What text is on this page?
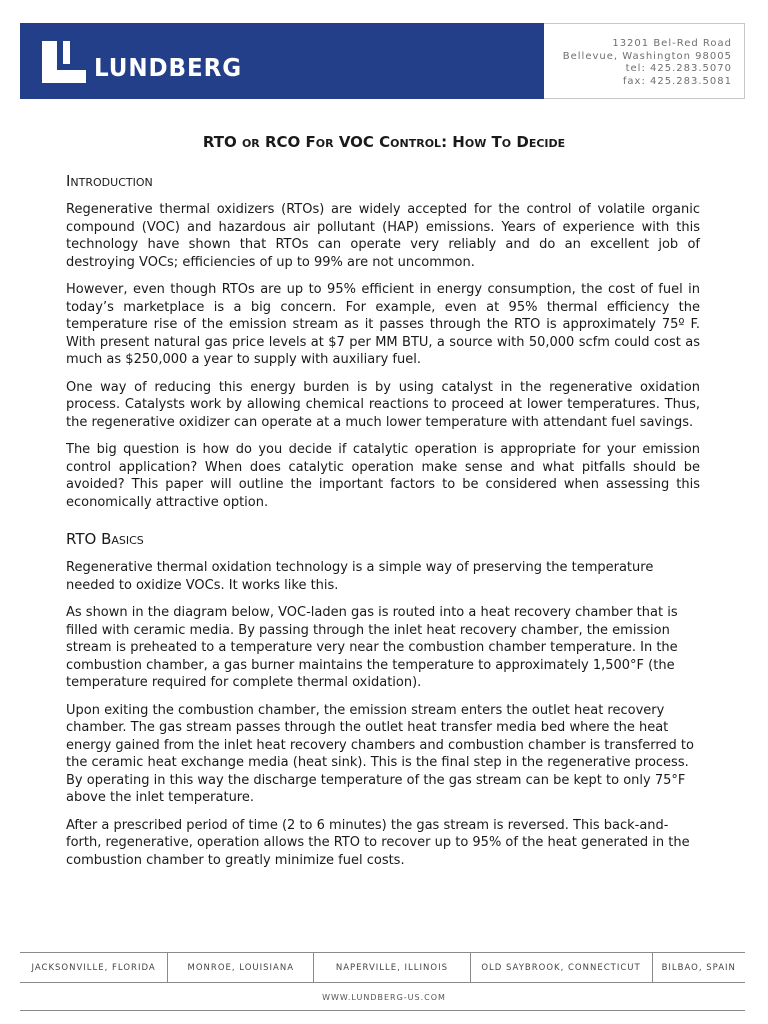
LUNDBERG
13201 Bel-Red Road
Bellevue, Washington 98005
tel: 425.283.5070
fax: 425.283.5081
RTO or RCO For VOC Control: How To Decide
Introduction

Regenerative thermal oxidizers (RTOs) are widely accepted for the control of volatile organic compound (VOC) and hazardous air pollutant (HAP) emissions. Years of experience with this technology have shown that RTOs can operate very reliably and do an excellent job of destroying VOCs; efficiencies of up to 99% are not uncommon.

However, even though RTOs are up to 95% efficient in energy consumption, the cost of fuel in today’s marketplace is a big concern. For example, even at 95% thermal efficiency the temperature rise of the emission stream as it passes through the RTO is approximately 75º F. With present natural gas price levels at $7 per MM BTU, a source with 50,000 scfm could cost as much as $250,000 a year to supply with auxiliary fuel.

One way of reducing this energy burden is by using catalyst in the regenerative oxidation process. Catalysts work by allowing chemical reactions to proceed at lower temperatures. Thus, the regenerative oxidizer can operate at a much lower temperature with attendant fuel savings.

The big question is how do you decide if catalytic operation is appropriate for your emission control application? When does catalytic operation make sense and what pitfalls should be avoided? This paper will outline the important factors to be considered when assessing this economically attractive option.

RTO Basics

Regenerative thermal oxidation technology is a simple way of preserving the temperature needed to oxidize VOCs. It works like this.

As shown in the diagram below, VOC-laden gas is routed into a heat recovery chamber that is filled with ceramic media. By passing through the inlet heat recovery chamber, the emission stream is preheated to a temperature very near the combustion chamber temperature. In the combustion chamber, a gas burner maintains the temperature to approximately 1,500°F (the temperature required for complete thermal oxidation).

Upon exiting the combustion chamber, the emission stream enters the outlet heat recovery chamber. The gas stream passes through the outlet heat transfer media bed where the heat energy gained from the inlet heat recovery chambers and combustion chamber is transferred to the ceramic heat exchange media (heat sink). This is the final step in the regenerative process. By operating in this way the discharge temperature of the gas stream can be kept to only 75°F above the inlet temperature.

After a prescribed period of time (2 to 6 minutes) the gas stream is reversed. This back-and-forth, regenerative, operation allows the RTO to recover up to 95% of the heat generated in the combustion chamber to greatly minimize fuel costs.

JACKSONVILLE, FLORIDA	MONROE, LOUISIANA	NAPERVILLE, ILLINOIS	OLD SAYBROOK, CONNECTICUT	BILBAO, SPAIN
WWW.LUNDBERG-US.COM
